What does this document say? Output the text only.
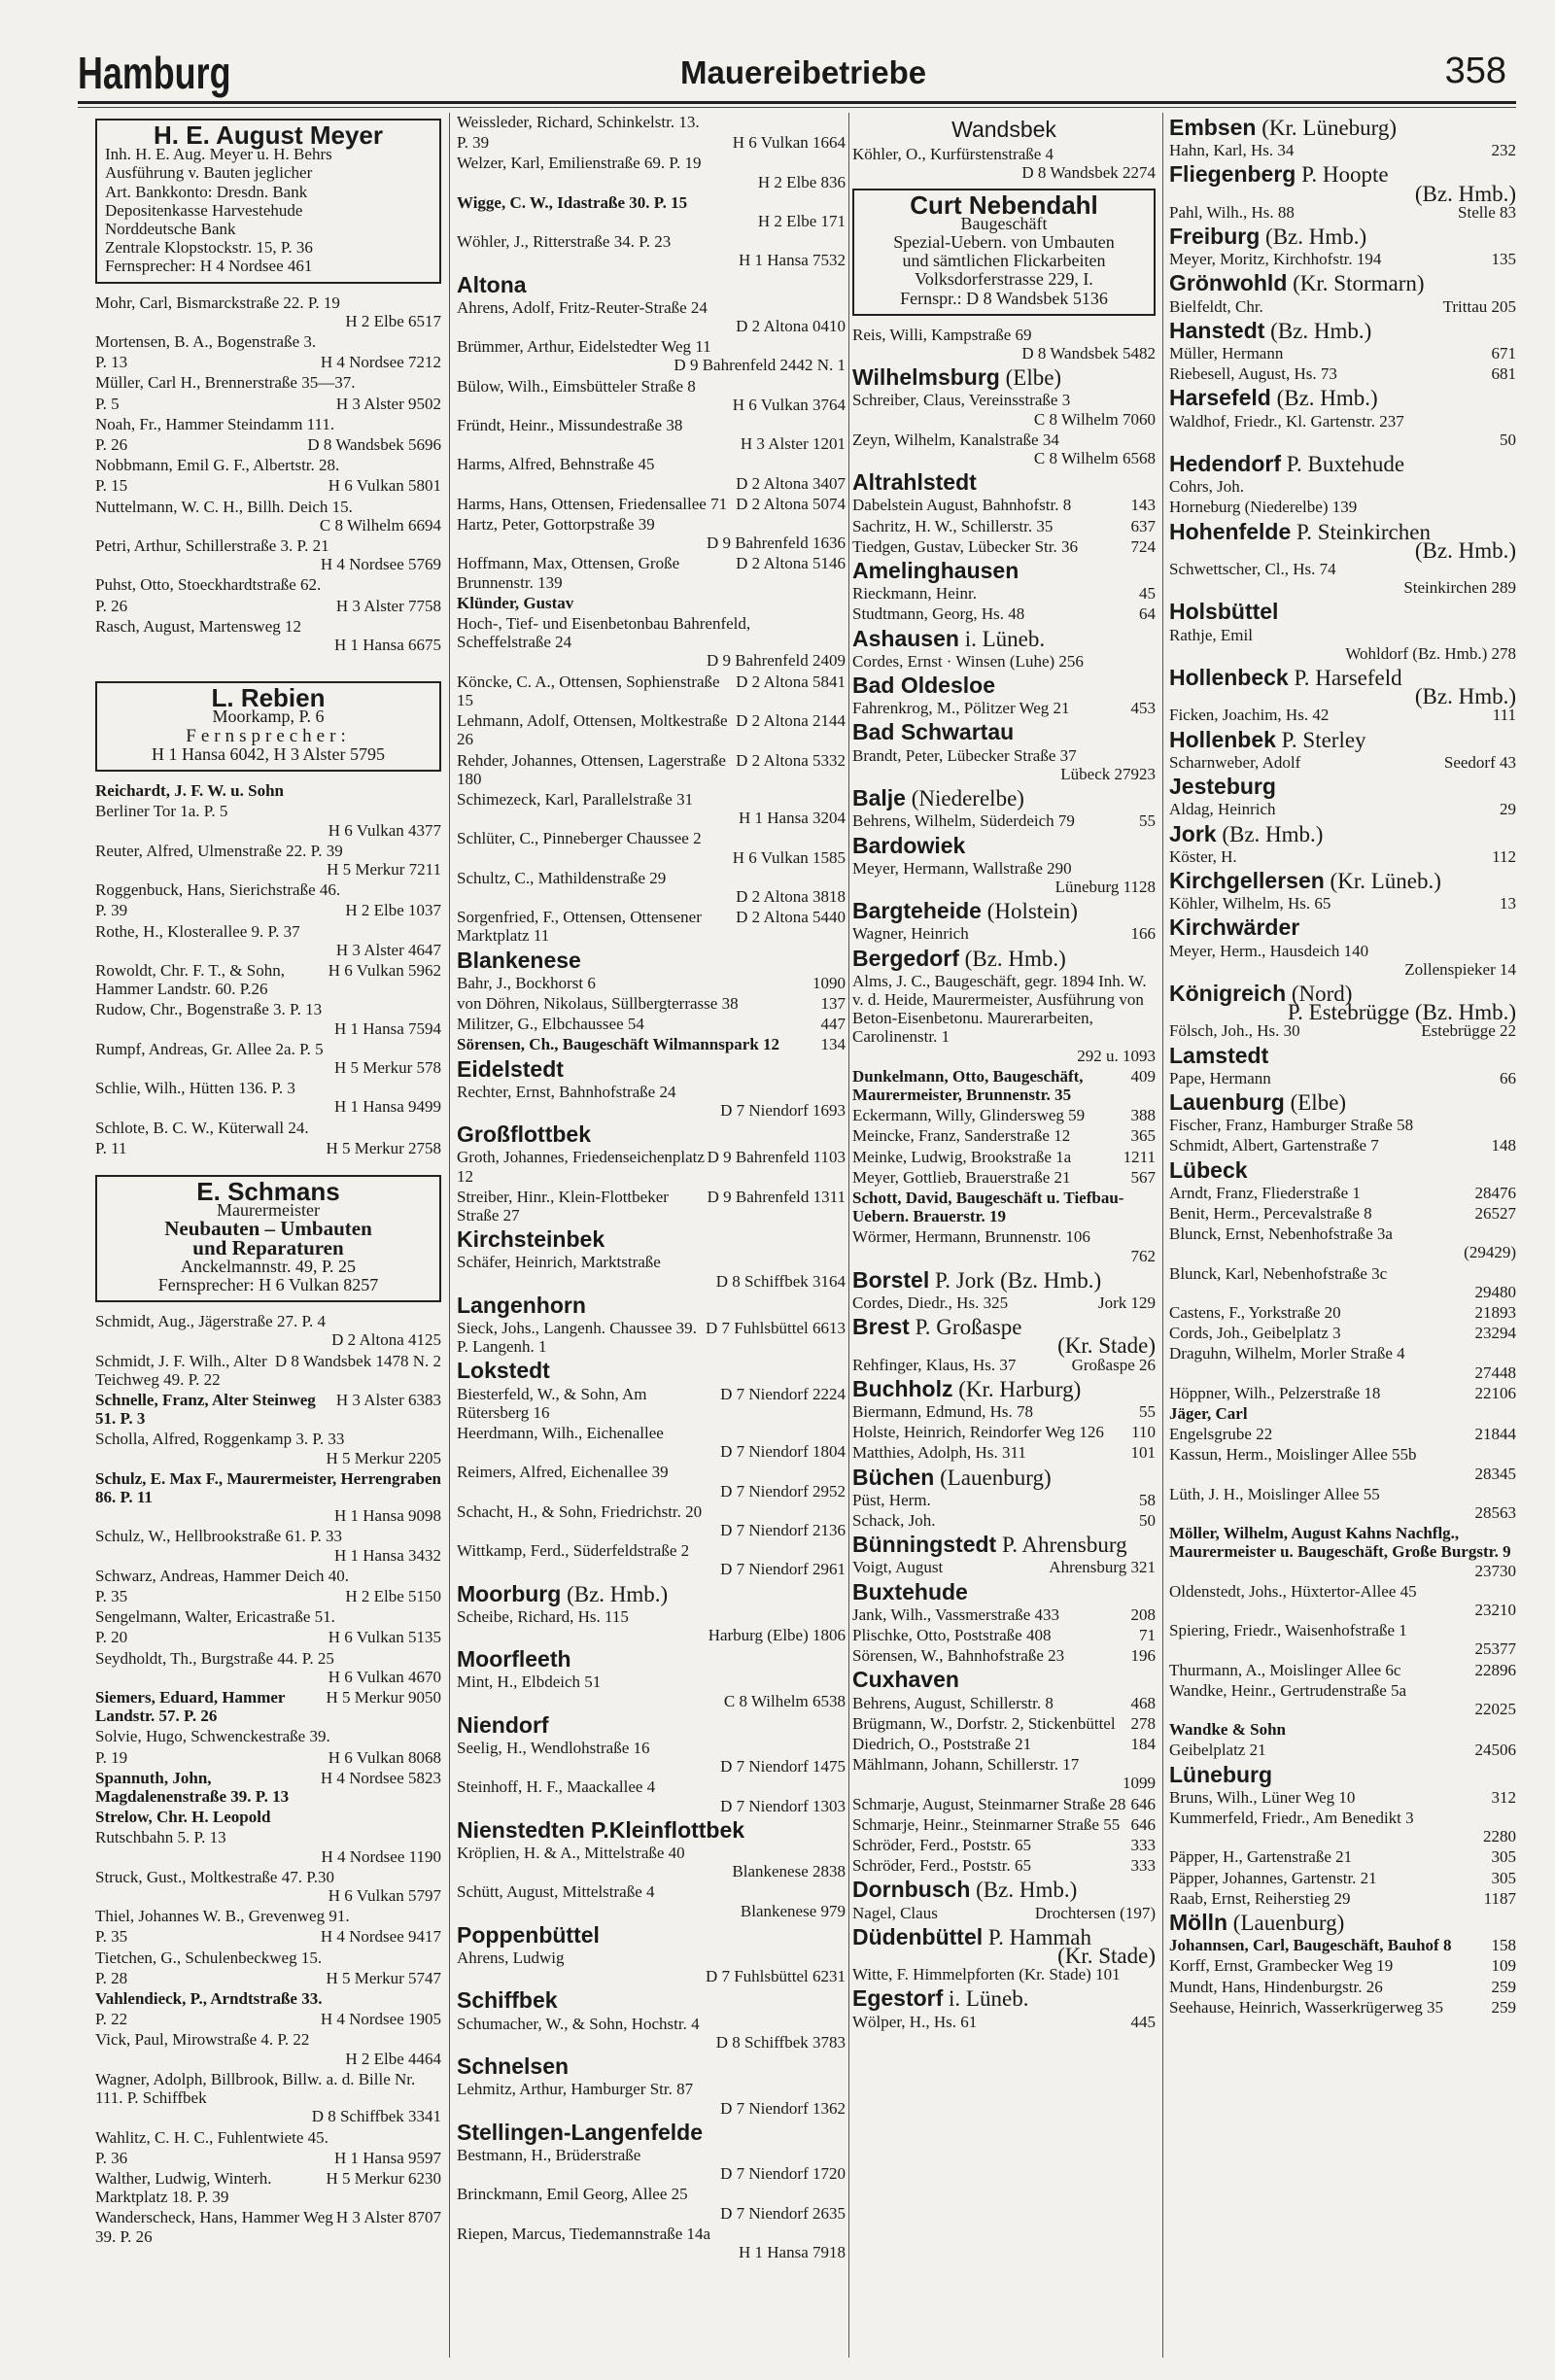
Hamburg	Mauereibetriebe	358
H. E. August Meyer
Inh. H. E. Aug. Meyer u. H. Behrs
Ausführung v. Bauten jeglicher
Art. Bankkonto: Dresdn. Bank
Depositenkasse Harvestehude
Norddeutsche Bank
Zentrale Klopstockstr. 15, P. 36
Fernsprecher: H 4 Nordsee 461
Mohr, Carl, Bismarckstraße 22. P. 19
H 2 Elbe 6517
Mortensen, B. A., Bogenstraße 3.
H 4 Nordsee 7212
P. 13
Müller, Carl H., Brennerstraße 35—37.
H 3 Alster 9502
P. 5
Noah, Fr., Hammer Steindamm 111.
D 8 Wandsbek 5696
P. 26
Nobbmann, Emil G. F., Albertstr. 28.
H 6 Vulkan 5801
P. 15
Nuttelmann, W. C. H., Billh. Deich 15.
C 8 Wilhelm 6694
Petri, Arthur, Schillerstraße 3. P. 21
H 4 Nordsee 5769
Puhst, Otto, Stoeckhardtstraße 62.
H 3 Alster 7758
P. 26
Rasch, August, Martensweg 12
H 1 Hansa 6675
L. Rebien
Moorkamp, P. 6
Fernsprecher:
H 1 Hansa 6042, H 3 Alster 5795
Reichardt, J. F. W. u. Sohn
Berliner Tor 1a. P. 5
H 6 Vulkan 4377
Reuter, Alfred, Ulmenstraße 22. P. 39
H 5 Merkur 7211
Roggenbuck, Hans, Sierichstraße 46.
H 2 Elbe 1037
P. 39
Rothe, H., Klosterallee 9. P. 37
H 3 Alster 4647
H 6 Vulkan 5962
Rowoldt, Chr. F. T., & Sohn, Hammer Landstr. 60. P.26
Rudow, Chr., Bogenstraße 3. P. 13
H 1 Hansa 7594
Rumpf, Andreas, Gr. Allee 2a. P. 5
H 5 Merkur 578
Schlie, Wilh., Hütten 136. P. 3
H 1 Hansa 9499
Schlote, B. C. W., Küterwall 24.
H 5 Merkur 2758
P. 11
E. Schmans
Maurermeister
Neubauten – Umbauten
und Reparaturen
Anckelmannstr. 49, P. 25
Fernsprecher: H 6 Vulkan 8257
Schmidt, Aug., Jägerstraße 27. P. 4
D 2 Altona 4125
D 8 Wandsbek 1478 N. 2
Schmidt, J. F. Wilh., Alter Teichweg 49. P. 22
H 3 Alster 6383
Schnelle, Franz, Alter Steinweg 51. P. 3
Scholla, Alfred, Roggenkamp 3. P. 33
H 5 Merkur 2205
Schulz, E. Max F., Maurermeister, Herrengraben 86. P. 11
H 1 Hansa 9098
Schulz, W., Hellbrookstraße 61. P. 33
H 1 Hansa 3432
Schwarz, Andreas, Hammer Deich 40.
H 2 Elbe 5150
P. 35
Sengelmann, Walter, Ericastraße 51.
H 6 Vulkan 5135
P. 20
Seydholdt, Th., Burgstraße 44. P. 25
H 6 Vulkan 4670
H 5 Merkur 9050
Siemers, Eduard, Hammer Landstr. 57. P. 26
Solvie, Hugo, Schwenckestraße 39.
H 6 Vulkan 8068
P. 19
H 4 Nordsee 5823
Spannuth, John, Magdalenenstraße 39. P. 13
Strelow, Chr. H. Leopold
Rutschbahn 5. P. 13
H 4 Nordsee 1190
Struck, Gust., Moltkestraße 47. P.30
H 6 Vulkan 5797
Thiel, Johannes W. B., Grevenweg 91.
H 4 Nordsee 9417
P. 35
Tietchen, G., Schulenbeckweg 15.
H 5 Merkur 5747
P. 28
Vahlendieck, P., Arndtstraße 33.
H 4 Nordsee 1905
P. 22
Vick, Paul, Mirowstraße 4. P. 22
H 2 Elbe 4464
Wagner, Adolph, Billbrook, Billw. a. d. Bille Nr. 111. P. Schiffbek
D 8 Schiffbek 3341
Wahlitz, C. H. C., Fuhlentwiete 45.
H 1 Hansa 9597
P. 36
H 5 Merkur 6230
Walther, Ludwig, Winterh. Marktplatz 18. P. 39
H 3 Alster 8707
Wanderscheck, Hans, Hammer Weg 39. P. 26
Weissleder, Richard, Schinkelstr. 13.
H 6 Vulkan 1664
P. 39
Welzer, Karl, Emilienstraße 69. P. 19
H 2 Elbe 836
Wigge, C. W., Idastraße 30. P. 15
H 2 Elbe 171
Wöhler, J., Ritterstraße 34. P. 23
H 1 Hansa 7532
Altona
Ahrens, Adolf, Fritz-Reuter-Straße 24
D 2 Altona 0410
Brümmer, Arthur, Eidelstedter Weg 11
D 9 Bahrenfeld 2442 N. 1
Bülow, Wilh., Eimsbütteler Straße 8
H 6 Vulkan 3764
Fründt, Heinr., Missundestraße 38
H 3 Alster 1201
Harms, Alfred, Behnstraße 45
D 2 Altona 3407
D 2 Altona 5074
Harms, Hans, Ottensen, Friedensallee 71
Hartz, Peter, Gottorpstraße 39
D 9 Bahrenfeld 1636
D 2 Altona 5146
Hoffmann, Max, Ottensen, Große Brunnenstr. 139
Klünder, Gustav
Hoch-, Tief- und Eisenbetonbau Bahrenfeld, Scheffelstraße 24
D 9 Bahrenfeld 2409
D 2 Altona 5841
Köncke, C. A., Ottensen, Sophienstraße 15
D 2 Altona 2144
Lehmann, Adolf, Ottensen, Moltkestraße 26
D 2 Altona 5332
Rehder, Johannes, Ottensen, Lagerstraße 180
Schimezeck, Karl, Parallelstraße 31
H 1 Hansa 3204
Schlüter, C., Pinneberger Chaussee 2
H 6 Vulkan 1585
Schultz, C., Mathildenstraße 29
D 2 Altona 3818
D 2 Altona 5440
Sorgenfried, F., Ottensen, Ottensener Marktplatz 11
Blankenese
1090
Bahr, J., Bockhorst 6
137
von Döhren, Nikolaus, Süllbergterrasse 38
447
Militzer, G., Elbchaussee 54
134
Sörensen, Ch., Baugeschäft Wilmannspark 12
Eidelstedt
Rechter, Ernst, Bahnhofstraße 24
D 7 Niendorf 1693
Großflottbek
D 9 Bahrenfeld 1103
Groth, Johannes, Friedenseichenplatz 12
D 9 Bahrenfeld 1311
Streiber, Hinr., Klein-Flottbeker Straße 27
Kirchsteinbek
Schäfer, Heinrich, Marktstraße
D 8 Schiffbek 3164
Langenhorn
D 7 Fuhlsbüttel 6613
Sieck, Johs., Langenh. Chaussee 39. P. Langenh. 1
Lokstedt
D 7 Niendorf 2224
Biesterfeld, W., & Sohn, Am Rütersberg 16
Heerdmann, Wilh., Eichenallee
D 7 Niendorf 1804
Reimers, Alfred, Eichenallee 39
D 7 Niendorf 2952
Schacht, H., & Sohn, Friedrichstr. 20
D 7 Niendorf 2136
Wittkamp, Ferd., Süderfeldstraße 2
D 7 Niendorf 2961
Moorburg (Bz. Hmb.)
Scheibe, Richard, Hs. 115
Harburg (Elbe) 1806
Moorfleeth
Mint, H., Elbdeich 51
C 8 Wilhelm 6538
Niendorf
Seelig, H., Wendlohstraße 16
D 7 Niendorf 1475
Steinhoff, H. F., Maackallee 4
D 7 Niendorf 1303
Nienstedten P.Kleinflottbek
Kröplien, H. & A., Mittelstraße 40
Blankenese 2838
Schütt, August, Mittelstraße 4
Blankenese 979
Poppenbüttel
Ahrens, Ludwig
D 7 Fuhlsbüttel 6231
Schiffbek
Schumacher, W., & Sohn, Hochstr. 4
D 8 Schiffbek 3783
Schnelsen
Lehmitz, Arthur, Hamburger Str. 87
D 7 Niendorf 1362
Stellingen-Langenfelde
Bestmann, H., Brüderstraße
D 7 Niendorf 1720
Brinckmann, Emil Georg, Allee 25
D 7 Niendorf 2635
Riepen, Marcus, Tiedemannstraße 14a
H 1 Hansa 7918
Wandsbek
Köhler, O., Kurfürstenstraße 4
D 8 Wandsbek 2274
Curt Nebendahl
Baugeschäft
Spezial-Uebern. von Umbauten
und sämtlichen Flickarbeiten
Volksdorferstrasse 229, I.
Fernspr.: D 8 Wandsbek 5136
Reis, Willi, Kampstraße 69
D 8 Wandsbek 5482
Wilhelmsburg (Elbe)
Schreiber, Claus, Vereinsstraße 3
C 8 Wilhelm 7060
Zeyn, Wilhelm, Kanalstraße 34
C 8 Wilhelm 6568
Altrahlstedt
143
Dabelstein August, Bahnhofstr. 8
637
Sachritz, H. W., Schillerstr. 35
724
Tiedgen, Gustav, Lübecker Str. 36
Amelinghausen
45
Rieckmann, Heinr.
64
Studtmann, Georg, Hs. 48
Ashausen i. Lüneb.
Cordes, Ernst · Winsen (Luhe) 256
Bad Oldesloe
453
Fahrenkrog, M., Pölitzer Weg 21
Bad Schwartau
Brandt, Peter, Lübecker Straße 37
Lübeck 27923
Balje (Niederelbe)
55
Behrens, Wilhelm, Süderdeich 79
Bardowiek
Meyer, Hermann, Wallstraße 290
Lüneburg 1128
Bargteheide (Holstein)
166
Wagner, Heinrich
Bergedorf (Bz. Hmb.)
Alms, J. C., Baugeschäft, gegr. 1894 Inh. W. v. d. Heide, Maurermeister, Ausführung von Beton-Eisenbetonu. Maurerarbeiten, Carolinenstr. 1
292 u. 1093
409
Dunkelmann, Otto, Baugeschäft, Maurermeister, Brunnenstr. 35
388
Eckermann, Willy, Glindersweg 59
365
Meincke, Franz, Sanderstraße 12
1211
Meinke, Ludwig, Brookstraße 1a
567
Meyer, Gottlieb, Brauerstraße 21
Schott, David, Baugeschäft u. Tiefbau-Uebern. Brauerstr. 19
Wörmer, Hermann, Brunnenstr. 106
762
Borstel P. Jork (Bz. Hmb.)
Jork 129
Cordes, Diedr., Hs. 325
Brest P. Großaspe
(Kr. Stade)
Großaspe 26
Rehfinger, Klaus, Hs. 37
Buchholz (Kr. Harburg)
55
Biermann, Edmund, Hs. 78
110
Holste, Heinrich, Reindorfer Weg 126
101
Matthies, Adolph, Hs. 311
Büchen (Lauenburg)
58
Püst, Herm.
50
Schack, Joh.
Bünningstedt P. Ahrensburg
Ahrensburg 321
Voigt, August
Buxtehude
208
Jank, Wilh., Vassmerstraße 433
71
Plischke, Otto, Poststraße 408
196
Sörensen, W., Bahnhofstraße 23
Cuxhaven
468
Behrens, August, Schillerstr. 8
278
Brügmann, W., Dorfstr. 2, Stickenbüttel
184
Diedrich, O., Poststraße 21
Mählmann, Johann, Schillerstr. 17
1099
646
Schmarje, August, Steinmarner Straße 28
646
Schmarje, Heinr., Steinmarner Straße 55
333
Schröder, Ferd., Poststr. 65
333
Schröder, Ferd., Poststr. 65
Dornbusch (Bz. Hmb.)
Drochtersen (197)
Nagel, Claus
Düdenbüttel P. Hammah
(Kr. Stade)
Witte, F. Himmelpforten (Kr. Stade) 101
Egestorf i. Lüneb.
445
Wölper, H., Hs. 61
Embsen (Kr. Lüneburg)
232
Hahn, Karl, Hs. 34
Fliegenberg P. Hoopte
(Bz. Hmb.)
Stelle 83
Pahl, Wilh., Hs. 88
Freiburg (Bz. Hmb.)
135
Meyer, Moritz, Kirchhofstr. 194
Grönwohld (Kr. Stormarn)
Trittau 205
Bielfeldt, Chr.
Hanstedt (Bz. Hmb.)
671
Müller, Hermann
681
Riebesell, August, Hs. 73
Harsefeld (Bz. Hmb.)
Waldhof, Friedr., Kl. Gartenstr. 237
50
Hedendorf P. Buxtehude
Cohrs, Joh.
Horneburg (Niederelbe) 139
Hohenfelde P. Steinkirchen
(Bz. Hmb.)
Schwettscher, Cl., Hs. 74
Steinkirchen 289
Holsbüttel
Rathje, Emil
Wohldorf (Bz. Hmb.) 278
Hollenbeck P. Harsefeld
(Bz. Hmb.)
111
Ficken, Joachim, Hs. 42
Hollenbek P. Sterley
Seedorf 43
Scharnweber, Adolf
Jesteburg
29
Aldag, Heinrich
Jork (Bz. Hmb.)
112
Köster, H.
Kirchgellersen (Kr. Lüneb.)
13
Köhler, Wilhelm, Hs. 65
Kirchwärder
Meyer, Herm., Hausdeich 140
Zollenspieker 14
Königreich (Nord)
P. Estebrügge (Bz. Hmb.)
Estebrügge 22
Fölsch, Joh., Hs. 30
Lamstedt
66
Pape, Hermann
Lauenburg (Elbe)
Fischer, Franz, Hamburger Straße 58
148
Schmidt, Albert, Gartenstraße 7
Lübeck
28476
Arndt, Franz, Fliederstraße 1
26527
Benit, Herm., Percevalstraße 8
Blunck, Ernst, Nebenhofstraße 3a
(29429)
Blunck, Karl, Nebenhofstraße 3c
29480
21893
Castens, F., Yorkstraße 20
23294
Cords, Joh., Geibelplatz 3
Draguhn, Wilhelm, Morler Straße 4
27448
22106
Höppner, Wilh., Pelzerstraße 18
Jäger, Carl
21844
Engelsgrube 22
Kassun, Herm., Moislinger Allee 55b
28345
Lüth, J. H., Moislinger Allee 55
28563
Möller, Wilhelm, August Kahns Nachflg., Maurermeister u. Baugeschäft, Große Burgstr. 9
23730
Oldenstedt, Johs., Hüxtertor-Allee 45
23210
Spiering, Friedr., Waisenhofstraße 1
25377
22896
Thurmann, A., Moislinger Allee 6c
Wandke, Heinr., Gertrudenstraße 5a
22025
Wandke & Sohn
24506
Geibelplatz 21
Lüneburg
312
Bruns, Wilh., Lüner Weg 10
Kummerfeld, Friedr., Am Benedikt 3
2280
305
Päpper, H., Gartenstraße 21
305
Päpper, Johannes, Gartenstr. 21
1187
Raab, Ernst, Reiherstieg 29
Mölln (Lauenburg)
158
Johannsen, Carl, Baugeschäft, Bauhof 8
109
Korff, Ernst, Grambecker Weg 19
259
Mundt, Hans, Hindenburgstr. 26
259
Seehause, Heinrich, Wasserkrügerweg 35
